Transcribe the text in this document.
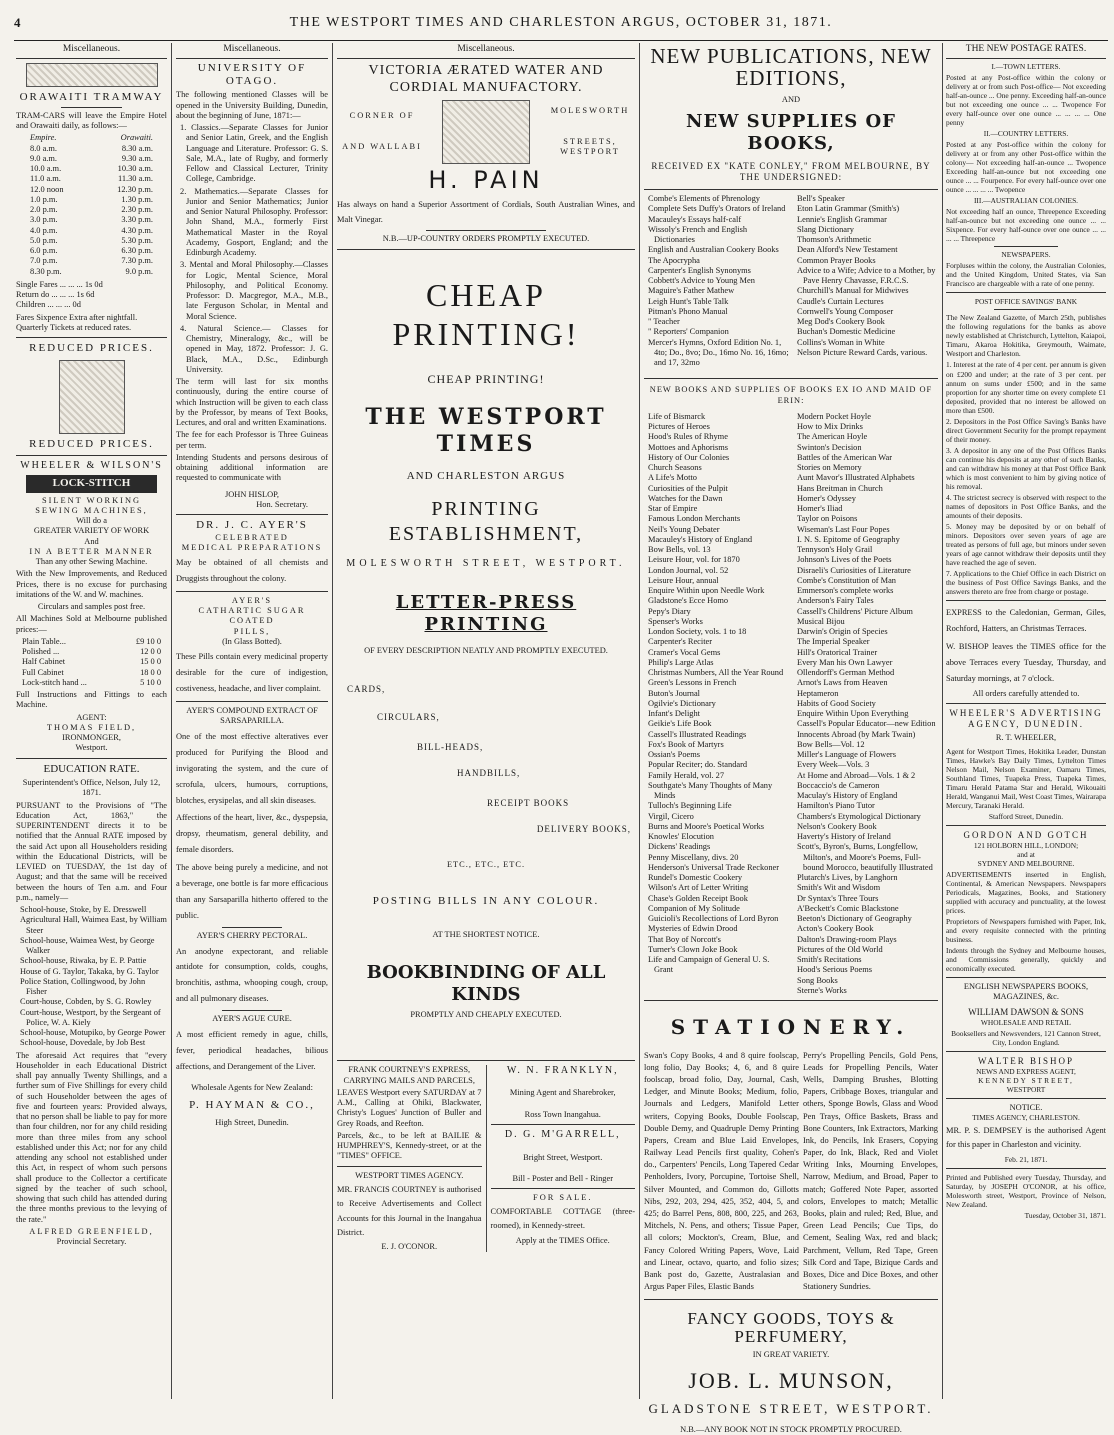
4	THE WESTPORT TIMES AND CHARLESTON ARGUS, OCTOBER 31, 1871.
Miscellaneous.
ORAWAITI TRAMWAY

TRAM-CARS will leave the Empire Hotel and Orawaiti daily, as follows:—

Empire.	Orawaiti.
8.0 a.m.	8.30 a.m.
9.0 a.m.	9.30 a.m.
10.0 a.m.	10.30 a.m.
11.0 a.m.	11.30 a.m.
12.0 noon	12.30 p.m.
1.0 p.m.	1.30 p.m.
2.0 p.m.	2.30 p.m.
3.0 p.m.	3.30 p.m.
4.0 p.m.	4.30 p.m.
5.0 p.m.	5.30 p.m.
6.0 p.m.	6.30 p.m.
7.0 p.m.	7.30 p.m.
8.30 p.m.	9.0 p.m.
Single Fares ... ... ... 1s 0d
Return do ... ... ... 1s 6d
Children ... ... ... 0d

Fares Sixpence Extra after nightfall. Quarterly Tickets at reduced rates.

REDUCED PRICES.
REDUCED PRICES.
WHEELER & WILSON'S
LOCK-STITCH
SILENT WORKING
SEWING MACHINES,
Will do a
GREATER VARIETY OF WORK
And
IN A BETTER MANNER
Than any other Sewing Machine.

With the New Improvements, and Reduced Prices, there is no excuse for purchasing imitations of the W. and W. machines.

Circulars and samples post free.

All Machines Sold at Melbourne published prices:—

Plain Table...	£9 10 0
Polished ...	12 0 0
Half Cabinet	15 0 0
Full Cabinet	18 0 0
Lock-stitch hand ...	5 10 0

Full Instructions and Fittings to each Machine.

AGENT:
THOMAS FIELD,
IRONMONGER,
Westport.
EDUCATION RATE.

Superintendent's Office, Nelson, July 12, 1871.

PURSUANT to the Provisions of "The Education Act, 1863," the SUPERINTENDENT directs it to be notified that the Annual RATE imposed by the said Act upon all Householders residing within the Educational Districts, will be LEVIED on TUESDAY, the 1st day of August; and that the same will be received between the hours of Ten a.m. and Four p.m., namely—

School-house, Stoke, by E. Dresswell
Agricultural Hall, Waimea East, by William Steer
School-house, Waimea West, by George Walker
School-house, Riwaka, by E. P. Pattie
House of G. Taylor, Takaka, by G. Taylor
Police Station, Collingwood, by John Fisher
Court-house, Cobden, by S. G. Rowley
Court-house, Westport, by the Sergeant of Police, W. A. Kiely
School-house, Motupiko, by George Power
School-house, Dovedale, by Job Best

The aforesaid Act requires that "every Householder in each Educational District shall pay annually Twenty Shillings, and a further sum of Five Shillings for every child of such Householder between the ages of five and fourteen years: Provided always, that no person shall be liable to pay for more than four children, nor for any child residing more than three miles from any school established under this Act; nor for any child attending any school not established under this Act, in respect of whom such persons shall produce to the Collector a certificate signed by the teacher of such school, showing that such child has attended during the three months previous to the levying of the rate."

ALFRED GREENFIELD,
Provincial Secretary.
Miscellaneous.
UNIVERSITY OF OTAGO.

The following mentioned Classes will be opened in the University Building, Dunedin, about the beginning of June, 1871:—

1. Classics.—Separate Classes for Junior and Senior Latin, Greek, and the English Language and Literature. Professor: G. S. Sale, M.A., late of Rugby, and formerly Fellow and Classical Lecturer, Trinity College, Cambridge.

2. Mathematics.—Separate Classes for Junior and Senior Mathematics; Junior and Senior Natural Philosophy. Professor: John Shand, M.A., formerly First Mathematical Master in the Royal Academy, Gosport, England; and the Edinburgh Academy.

3. Mental and Moral Philosophy.—Classes for Logic, Mental Science, Moral Philosophy, and Political Economy. Professor: D. Macgregor, M.A., M.B., late Ferguson Scholar, in Mental and Moral Science.

4. Natural Science.— Classes for Chemistry, Mineralogy, &c., will be opened in May, 1872. Professor: J. G. Black, M.A., D.Sc., Edinburgh University.

The term will last for six months continuously, during the entire course of which Instruction will be given to each class by the Professor, by means of Text Books, Lectures, and oral and written Examinations.

The fee for each Professor is Three Guineas per term.

Intending Students and persons desirous of obtaining additional information are requested to communicate with

JOHN HISLOP,
Hon. Secretary.
DR. J. C. AYER'S
CELEBRATED
MEDICAL PREPARATIONS

May be obtained of all chemists and Druggists throughout the colony.

AYER'S
CATHARTIC SUGAR COATED
PILLS,
(In Glass Botted).

These Pills contain every medicinal property desirable for the cure of indigestion, costiveness, headache, and liver complaint.

AYER'S COMPOUND EXTRACT OF SARSAPARILLA.

One of the most effective alteratives ever produced for Purifying the Blood and invigorating the system, and the cure of scrofula, ulcers, humours, corruptions, blotches, erysipelas, and all skin diseases.

Affections of the heart, liver, &c., dyspepsia, dropsy, rheumatism, general debility, and female disorders.

The above being purely a medicine, and not a beverage, one bottle is far more efficacious than any Sarsaparilla hitherto offered to the public.

AYER'S CHERRY PECTORAL.

An anodyne expectorant, and reliable antidote for consumption, colds, coughs, bronchitis, asthma, whooping cough, croup, and all pulmonary diseases.

AYER'S AGUE CURE.

A most efficient remedy in ague, chills, fever, periodical headaches, bilious affections, and Derangement of the Liver.

Wholesale Agents for New Zealand:

P. HAYMAN & CO.,
High Street, Dunedin.
Miscellaneous.
VICTORIA ÆRATED WATER AND CORDIAL MANUFACTORY.
CORNER OF
AND WALLABI
MOLESWORTH
STREETS, WESTPORT
H. PAIN

Has always on hand a Superior Assortment of Cordials, South Australian Wines, and Malt Vinegar.

N.B.—UP-COUNTRY ORDERS PROMPTLY EXECUTED.
CHEAP PRINTING!
CHEAP PRINTING!
THE WESTPORT TIMES
AND CHARLESTON ARGUS
PRINTING ESTABLISHMENT,
MOLESWORTH STREET, WESTPORT.
LETTER-PRESS PRINTING
OF EVERY DESCRIPTION NEATLY AND PROMPTLY EXECUTED.
CARDS,
CIRCULARS,
BILL-HEADS,
HANDBILLS,
RECEIPT BOOKS
DELIVERY BOOKS,
ETC., ETC., ETC.
POSTING BILLS IN ANY COLOUR.
AT THE SHORTEST NOTICE.
BOOKBINDING OF ALL KINDS
PROMPTLY AND CHEAPLY EXECUTED.
FRANK COURTNEY'S EXPRESS,
CARRYING MAILS AND PARCELS,

LEAVES Westport every SATURDAY at 7 A.M., Calling at Ohiki, Blackwater, Christy's Logues' Junction of Buller and Grey Roads, and Reefton.

Parcels, &c., to be left at BAILIE & HUMPHREY'S, Kennedy-street, or at the "TIMES" OFFICE.

WESTPORT TIMES AGENCY.

MR. FRANCIS COURTNEY is authorised to Receive Advertisements and Collect Accounts for this Journal in the Inangahua District.

E. J. O'CONOR.
W. N. FRANKLYN,
Mining Agent and Sharebroker,
Ross Town Inangahua.
D. G. M'GARRELL,
Bright Street, Westport.
Bill - Poster and Bell - Ringer
FOR SALE.

COMFORTABLE COTTAGE (three-roomed), in Kennedy-street.

Apply at the TIMES Office.
NEW PUBLICATIONS, NEW EDITIONS,
AND
NEW SUPPLIES OF BOOKS,
RECEIVED EX "KATE CONLEY," FROM MELBOURNE, BY THE UNDERSIGNED:
Combe's Elements of Phrenology
Complete Sets Duffy's Orators of Ireland
Macauley's Essays half-calf
Wissoly's French and English Dictionaries
English and Australian Cookery Books
The Apocrypha
Carpenter's English Synonyms
Cobbett's Advice to Young Men
Maguire's Father Mathew
Leigh Hunt's Table Talk
Pitman's Phono Manual
" Teacher
" Reporters' Companion
Mercer's Hymns, Oxford Edition No. 1, 4to; Do., 8vo; Do., 16mo No. 16, 16mo; and 17, 32mo
Bell's Speaker
Eton Latin Grammar (Smith's)
Lennie's English Grammar
Slang Dictionary
Thomson's Arithmetic
Dean Alford's New Testament
Common Prayer Books
Advice to a Wife; Advice to a Mother, by Pave Henry Chavasse, F.R.C.S.
Churchill's Manual for Midwives
Caudle's Curtain Lectures
Cornwell's Young Composer
Meg Dod's Cookery Book
Buchan's Domestic Medicine
Collins's Woman in White
Nelson Picture Reward Cards, various.
NEW BOOKS AND SUPPLIES OF BOOKS EX IO AND MAID OF ERIN:
Life of Bismarck
Pictures of Heroes
Hood's Rules of Rhyme
Mottoes and Aphorisms
History of Our Colonies
Church Seasons
A Life's Motto
Curiosities of the Pulpit
Watches for the Dawn
Star of Empire
Famous London Merchants
Neil's Young Debater
Macauley's History of England
Bow Bells, vol. 13
Leisure Hour, vol. for 1870
London Journal, vol. 52
Leisure Hour, annual
Enquire Within upon Needle Work
Gladstone's Ecce Homo
Pepy's Diary
Spenser's Works
London Society, vols. 1 to 18
Carpenter's Reciter
Cramer's Vocal Gems
Philip's Large Atlas
Christmas Numbers, All the Year Round
Green's Lessons in French
Buton's Journal
Ogilvie's Dictionary
Infant's Delight
Geikie's Life Book
Cassell's Illustrated Readings
Fox's Book of Martyrs
Ossian's Poems
Popular Reciter; do. Standard
Family Herald, vol. 27
Southgate's Many Thoughts of Many Minds
Tulloch's Beginning Life
Virgil, Cicero
Burns and Moore's Poetical Works
Knowles' Elocution
Dickens' Readings
Penny Miscellany, divs. 20
Henderson's Universal Trade Reckoner
Rundel's Domestic Cookery
Wilson's Art of Letter Writing
Chase's Golden Receipt Book
Companion of My Solitude
Guicioli's Recollections of Lord Byron
Mysteries of Edwin Drood
That Boy of Norcott's
Turner's Clown Joke Book
Life and Campaign of General U. S. Grant
Modern Pocket Hoyle
How to Mix Drinks
The American Hoyle
Swinton's Decision
Battles of the American War
Stories on Memory
Aunt Mavor's Illustrated Alphabets
Hans Breitman in Church
Homer's Odyssey
Homer's Iliad
Taylor on Poisons
Wiseman's Last Four Popes
I. N. S. Epitome of Geography
Tennyson's Holy Grail
Johnson's Lives of the Poets
Disraeli's Curiosities of Literature
Combe's Constitution of Man
Emmerson's complete works
Anderson's Fairy Tales
Cassell's Childrens' Picture Album
Musical Bijou
Darwin's Origin of Species
The Imperial Speaker
Hill's Oratorical Trainer
Every Man his Own Lawyer
Ollendorff's German Method
Arnot's Laws from Heaven
Heptameron
Habits of Good Society
Enquire Within Upon Everything
Cassell's Popular Educator—new Edition
Innocents Abroad (by Mark Twain)
Bow Bells—Vol. 12
Miller's Language of Flowers
Every Week—Vols. 3
At Home and Abroad—Vols. 1 & 2
Boccaccio's de Cameron
Maculay's History of England
Hamilton's Piano Tutor
Chambers's Etymological Dictionary
Nelson's Cookery Book
Haverty's History of Ireland
Scott's, Byron's, Burns, Longfellow, Milton's, and Moore's Poems, Full-bound Morocco, beautifully Illustrated
Plutarch's Lives, by Langhorn
Smith's Wit and Wisdom
Dr Syntax's Three Tours
A'Beckett's Comic Blackstone
Beeton's Dictionary of Geography
Acton's Cookery Book
Dalton's Drawing-room Plays
Pictures of the Old World
Smith's Recitations
Hood's Serious Poems
Song Books
Sterne's Works
STATIONERY.

Swan's Copy Books, 4 and 8 quire foolscap, long folio, Day Books; 4, 6, and 8 quire foolscap, broad folio, Day, Journal, Cash, Ledger, and Minute Books; Medium, folio, Journals and Ledgers, Manifold Letter writers, Copying Books, Double Foolscap, Double Demy, and Quadruple Demy Printing Papers, Cream and Blue Laid Envelopes, Railway Lead Pencils first quality, Cohen's do., Carpenters' Pencils, Long Tapered Cedar Penholders, Ivory, Porcupine, Tortoise Shell, Silver Mounted, and Common do, Gillotts Nibs, 292, 203, 294, 425, 352, 404, 5, and 425; do Barrel Pens, 808, 800, 225, and 263, Mitchels, N. Pens, and others; Tissue Paper, all colors; Mockton's, Cream, Blue, and Fancy Colored Writing Papers, Wove, Laid and Linear, octavo, quarto, and folio sizes; Bank post do, Gazette, Australasian and Argus Paper Files, Elastic Bands

Perry's Propelling Pencils, Gold Pens, Leads for Propelling Pencils, Water Wells, Damping Brushes, Blotting Papers, Cribbage Boxes, triangular and others, Sponge Bowls, Glass and Wood Pen Trays, Office Baskets, Brass and Bone Counters, Ink Extractors, Marking Ink, do Pencils, Ink Erasers, Copying Paper, do Ink, Black, Red and Violet Writing Inks, Mourning Envelopes, Narrow, Medium, and Broad, Paper to match; Goffered Note Paper, assorted colors, Envelopes to match; Metallic Books, plain and ruled; Red, Blue, and Green Lead Pencils; Cue Tips, do Cement, Sealing Wax, red and black; Parchment, Vellum, Red Tape, Green Silk Cord and Tape, Bizique Cards and Boxes, Dice and Dice Boxes, and other Stationery Sundries.

FANCY GOODS, TOYS & PERFUMERY,
IN GREAT VARIETY.
JOB. L. MUNSON,
GLADSTONE STREET, WESTPORT.
N.B.—ANY BOOK NOT IN STOCK PROMPTLY PROCURED.
THE NEW POSTAGE RATES.
I.—TOWN LETTERS.

Posted at any Post-office within the colony or delivery at or from such Post-office— Not exceeding half-an-ounce ... One penny. Exceeding half-an-ounce but not exceeding one ounce ... ... Twopence For every half-ounce over one ounce ... ... ... ... One penny

II.—COUNTRY LETTERS.

Posted at any Post-office within the colony for delivery at or from any other Post-office within the colony— Not exceeding half-an-ounce ... Twopence Exceeding half-an-ounce but not exceeding one ounce ... ... Fourpence. For every half-ounce over one ounce ... ... ... ... Twopence

III.—AUSTRALIAN COLONIES.

Not exceeding half an ounce, Threepence Exceeding half-an-ounce but not exceeding one ounce ... ... Sixpence. For every half-ounce over one ounce ... ... ... ... Threepence

NEWSPAPERS.

Forpluses within the colony, the Australian Colonies, and the United Kingdom, United States, via San Francisco are chargeable with a rate of one penny.

POST OFFICE SAVINGS' BANK

The New Zealand Gazette, of March 25th, publishes the following regulations for the banks as above newly established at Christchurch, Lyttelton, Kaiapoi, Timaru, Akaroa Hokitika, Greymouth, Waimate, Westport and Charleston.

1. Interest at the rate of 4 per cent. per annum is given on £200 and under; at the rate of 3 per cent. per annum on sums under £500; and in the same proportion for any shorter time on every complete £1 deposited, provided that no interest be allowed on more than £500.

2. Depositors in the Post Office Saving's Banks have direct Government Security for the prompt repayment of their money.

3. A depositor in any one of the Post Offices Banks can continue his deposits at any other of such Banks, and can withdraw his money at that Post Office Bank which is most convenient to him by giving notice of his removal.

4. The strictest secrecy is observed with respect to the names of depositors in Post Office Banks, and the amounts of their deposits.

5. Money may be deposited by or on behalf of minors. Depositors over seven years of age are treated as persons of full age, but minors under seven years of age cannot withdraw their deposits until they have reached the age of seven.

7. Applications to the Chief Office in each District on the business of Post Office Savings Banks, and the answers thereto are free from charge or postage.

EXPRESS to the Caledonian, German, Giles, Rochford, Hatters, an Christmas Terraces.

W. BISHOP leaves the TIMES office for the above Terraces every Tuesday, Thursday, and Saturday mornings, at 7 o'clock.

All orders carefully attended to.
WHEELER'S ADVERTISING AGENCY, DUNEDIN.
R. T. WHEELER,

Agent for Westport Times, Hokitika Leader, Dunstan Times, Hawke's Bay Daily Times, Lyttelton Times Nelson Mail, Nelson Examiner, Oamaru Times, Southland Times, Tuapeka Press, Tuapeka Times, Timaru Herald Patama Star and Herald, Wikouaiti Herald, Wanganui Mail, West Coast Times, Wairarapa Mercury, Taranaki Herald.

Stafford Street, Dunedin.
GORDON AND GOTCH
121 HOLBORN HILL, LONDON;
and at
SYDNEY AND MELBOURNE.

ADVERTISEMENTS inserted in English, Continental, & American Newspapers. Newspapers Periodicals, Magazines, Books, and Stationery supplied with accuracy and punctuality, at the lowest prices.

Proprietors of Newspapers furnished with Paper, Ink, and every requisite connected with the printing business.

Indents through the Sydney and Melbourne houses, and Commissions generally, quickly and economically executed.

ENGLISH NEWSPAPERS BOOKS, MAGAZINES, &c.
WILLIAM DAWSON & SONS
WHOLESALE AND RETAIL

Booksellers and Newsvenders, 121 Cannon Street, City, London England.

WALTER BISHOP
NEWS AND EXPRESS AGENT,
KENNEDY STREET,
WESTPORT
NOTICE.
TIMES AGENCY, CHARLESTON.

MR. P. S. DEMPSEY is the authorised Agent for this paper in Charleston and vicinity.

Feb. 21, 1871.

Printed and Published every Tuesday, Thursday, and Saturday, by JOSEPH O'CONOR, at his office, Molesworth street, Westport, Province of Nelson, New Zealand.

Tuesday, October 31, 1871.
